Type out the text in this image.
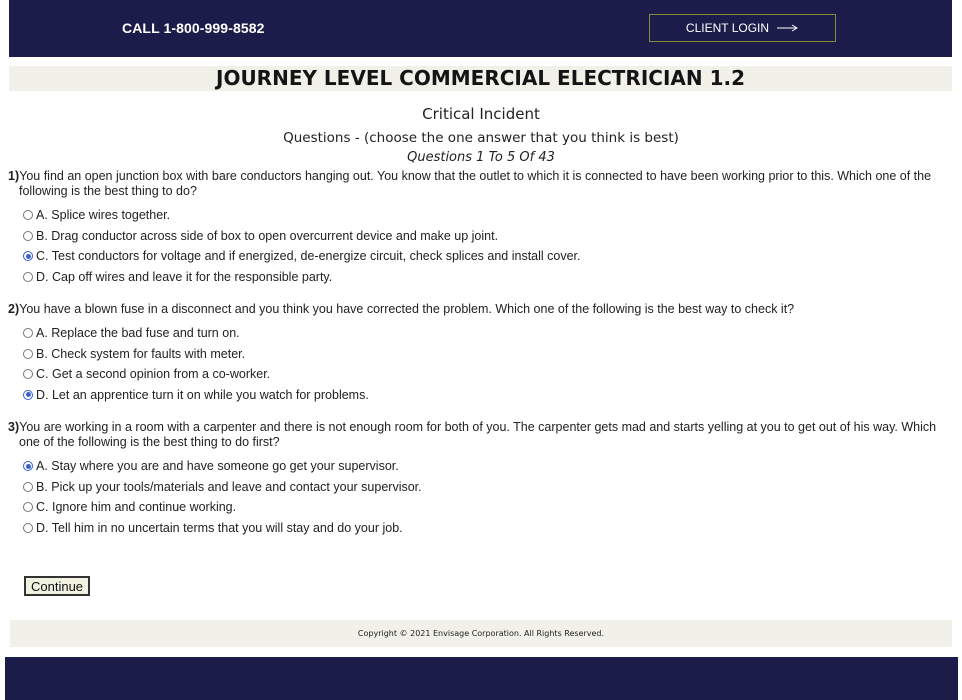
CALL 1-800-999-8582	CLIENT LOGIN
JOURNEY LEVEL COMMERCIAL ELECTRICIAN 1.2
Critical Incident
Questions - (choose the one answer that you think is best)
Questions 1 To 5 Of 43
1)You find an open junction box with bare conductors hanging out. You know that the outlet to which it is connected to have been working prior to this. Which one of the following is the best thing to do?
A. Splice wires together.
B. Drag conductor across side of box to open overcurrent device and make up joint.
C. Test conductors for voltage and if energized, de-energize circuit, check splices and install cover.
D. Cap off wires and leave it for the responsible party.
2)You have a blown fuse in a disconnect and you think you have corrected the problem. Which one of the following is the best way to check it?
A. Replace the bad fuse and turn on.
B. Check system for faults with meter.
C. Get a second opinion from a co-worker.
D. Let an apprentice turn it on while you watch for problems.
3)You are working in a room with a carpenter and there is not enough room for both of you. The carpenter gets mad and starts yelling at you to get out of his way. Which one of the following is the best thing to do first?
A. Stay where you are and have someone go get your supervisor.
B. Pick up your tools/materials and leave and contact your supervisor.
C. Ignore him and continue working.
D. Tell him in no uncertain terms that you will stay and do your job.
Continue
Copyright © 2021 Envisage Corporation. All Rights Reserved.
